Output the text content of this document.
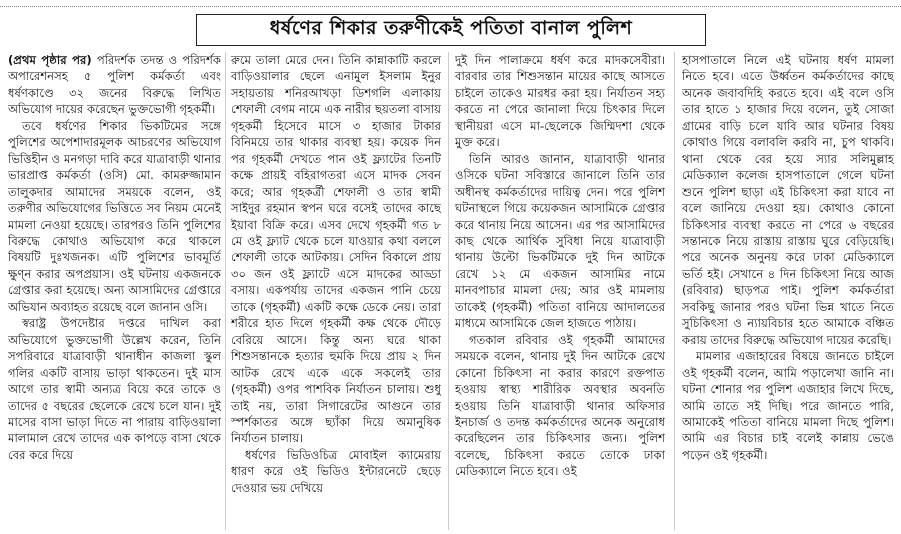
ধর্ষণের শিকার তরুণীকেই পতিতা বানাল পুলিশ

(প্রথম পৃষ্ঠার পর) পরিদর্শক তদন্ত ও পরিদর্শক অপারেশনসহ ৫ পুলিশ কর্মকর্তা এবং ধর্ষণকাণ্ডে ৩২ জনের বিরুদ্ধে লিখিত অভিযোগ দায়ের করেছেন ভুক্তভোগী গৃহকর্মী।

তবে ধর্ষণের শিকার ভিকটিমের সঙ্গে পুলিশের অপেশাদারমূলক আচরণের অভিযোগ ভিত্তিহীন ও মনগড়া দাবি করে যাত্রাবাড়ী থানার ভারপ্রাপ্ত কর্মকর্তা (ওসি) মো. কামরুজ্জামান তালুকদার আমাদের সময়কে বলেন, ওই তরুণীর অভিযোগের ভিত্তিতে সব নিয়ম মেনেই মামলা নেওয়া হয়েছে। তারপরও তিনি পুলিশের বিরুদ্ধে কোথাও অভিযোগ করে থাকলে বিষয়টি দুঃখজনক। এটি পুলিশের ভাবমূর্তি ক্ষুণ্ন করার অপপ্রয়াস। ওই ঘটনায় একজনকে গ্রেপ্তার করা হয়েছে। অন্য আসামিদের গ্রেপ্তারে অভিযান অব্যাহত রয়েছে বলে জানান ওসি।

স্বরাষ্ট্র উপদেষ্টার দপ্তরে দাখিল করা অভিযোগে ভুক্তভোগী উল্লেখ করেন, তিনি সপরিবারে যাত্রাবাড়ী থানাধীন কাজলা স্কুল গলির একটি বাসায় ভাড়া থাকতেন। দুই মাস আগে তার স্বামী অন্যত্র বিয়ে করে তাকে ও তাদের ৫ বছরের ছেলেকে রেখে চলে যান। দুই মাসের বাসা ভাড়া দিতে না পারায় বাড়িওয়ালা মালামাল রেখে তাদের এক কাপড়ে বাসা থেকে বের করে দিয়ে

রুমে তালা মেরে দেন। তিনি কান্নাকাটি করলে বাড়িওয়ালার ছেলে এনামুল ইসলাম ইনুর সহায়তায় শনিরআখড়া ডিশগলি এলাকায় শেফালী বেগম নামে এক নারীর ছয়তলা বাসায় গৃহকর্মী হিসেবে মাসে ৩ হাজার টাকার বিনিময়ে তার থাকার ব্যবস্থা হয়। কয়েক দিন পর গৃহকর্মী দেখতে পান ওই ফ্ল্যাটের তিনটি কক্ষে প্রায়ই বহিরাগতরা এসে মাদক সেবন করে; আর গৃহকর্ত্রী শেফালী ও তার স্বামী সাইদুর রহমান স্বপন ঘরে বসেই তাদের কাছে ইয়াবা বিক্রি করে। এসব দেখে গৃহকর্মী গত ৮ মে ওই ফ্ল্যাট থেকে চলে যাওয়ার কথা বললে শেফালী তাকে আটকায়। সেদিন বিকালে প্রায় ৩০ জন ওই ফ্ল্যাটে এসে মাদকের আড্ডা বসায়। একপর্যায় তাদের একজন পানি চেয়ে তাকে (গৃহকর্মী) একটি কক্ষে ডেকে নেয়। তারা শরীরে হাত দিলে গৃহকর্মী কক্ষ থেকে দৌড়ে বেরিয়ে আসে। কিন্তু অন্য ঘরে থাকা শিশুসন্তানকে হত্যার হুমকি দিয়ে প্রায় ২ দিন আটক রেখে একে একে সকলেই তার (গৃহকর্মী) ওপর পাশবিক নির্যাতন চালায়। শুধু তাই নয়, তারা সিগারেটের আগুনে তার স্পর্শকাতর অঙ্গে ছ্যাঁকা দিয়ে অমানুষিক নির্যাতন চালায়।

ধর্ষণের ভিডিওচিত্র মোবাইল ক্যামেরায় ধারণ করে ওই ভিডিও ইন্টারনেটে ছেড়ে দেওয়ার ভয় দেখিয়ে

দুই দিন পালাক্রমে ধর্ষণ করে মাদকসেবীরা। বারবার তার শিশুসন্তান মায়ের কাছে আসতে চাইলে তাকেও মারধর করা হয়। নির্যাতন সহ্য করতে না পেরে জানালা দিয়ে চিৎকার দিলে স্থানীয়রা এসে মা-ছেলেকে জিম্মিদশা থেকে মুক্ত করে।

তিনি আরও জানান, যাত্রাবাড়ী থানার ওসিকে ঘটনা সবিস্তারে জানালে তিনি তার অধীনস্থ কর্মকর্তাদের দায়িত্ব দেন। পরে পুলিশ ঘটনাস্থলে গিয়ে কয়েকজন আসামিকে গ্রেপ্তার করে থানায় নিয়ে আসেন। এর পর আসামিদের কাছ থেকে আর্থিক সুবিধা নিয়ে যাত্রাবাড়ী থানায় উল্টো ভিকটিমকে দুই দিন আটকে রেখে ১২ মে একজন আসামির নামে মানবপাচার মামলা দেয়; আর ওই মামলায় তাকেই (গৃহকর্মী) পতিতা বানিয়ে আদালতের মাধ্যমে আসামিকে জেল হাজতে পাঠায়।

গতকাল রবিবার ওই গৃহকর্মী আমাদের সময়কে বলেন, থানায় দুই দিন আটকে রেখে কোনো চিকিৎসা না করার কারণে রক্তপাত হওয়ায় স্বাস্থ্য শারীরিক অবস্থার অবনতি হওয়ায় তিনি যাত্রাবাড়ী থানার অফিসার ইনচার্জ ও তদন্ত কর্মকর্তাদের অনেক অনুরোধ করেছিলেন তার চিকিৎসার জন্য। পুলিশ বলেছে, চিকিৎসা করতে তোকে ঢাকা মেডিক্যালে নিতে হবে। ওই

হাসপাতালে নিলে এই ঘটনায় ধর্ষণ মামলা নিতে হবে। এতে উর্ধ্বতন কর্মকর্তাদের কাছে অনেক জবাবদিহি করতে হবে। এই বলে ওসি তার হাতে ১ হাজার দিয়ে বলেন, তুই সোজা গ্রামের বাড়ি চলে যাবি আর ঘটনার বিষয় কোথাও গিয়ে বলাবলি করবি না, চুপ থাকবি। থানা থেকে বের হয়ে স্যার সলিমুল্লাহ মেডিক্যাল কলেজ হাসপাতালে গেলে ঘটনা শুনে পুলিশ ছাড়া এই চিকিৎসা করা যাবে না বলে জানিয়ে দেওয়া হয়। কোথাও কোনো চিকিৎসার ব্যবস্থা করতে না পেরে ৬ বছরের সন্তানকে নিয়ে রাস্তায় রাস্তায় ঘুরে বেড়িয়েছি। পরে অনেক অনুনয় করে ঢাকা মেডিক্যালে ভর্তি হই। সেখানে ৪ দিন চিকিৎসা নিয়ে আজ (রবিবার) ছাড়পত্র পাই। পুলিশ কর্মকর্তারা সবকিছু জানার পরও ঘটনা ভিন্ন খাতে নিতে সুচিকিৎসা ও ন্যায়বিচার হতে আমাকে বঞ্চিত করায় তাদের বিরুদ্ধে অভিযোগ দায়ের করেছি।

মামলার এজাহারের বিষয়ে জানতে চাইলে ওই গৃহকর্মী বলেন, আমি পড়ালেখা জানি না। ঘটনা শোনার পর পুলিশ এজাহার লিখে দিছে, আমি তাতে সই দিছি। পরে জানতে পারি, আমাকেই পতিতা বানিয়ে মামলা দিছে পুলিশ। আমি এর বিচার চাই বলেই কান্নায় ভেঙে পড়েন ওই গৃহকর্মী।
